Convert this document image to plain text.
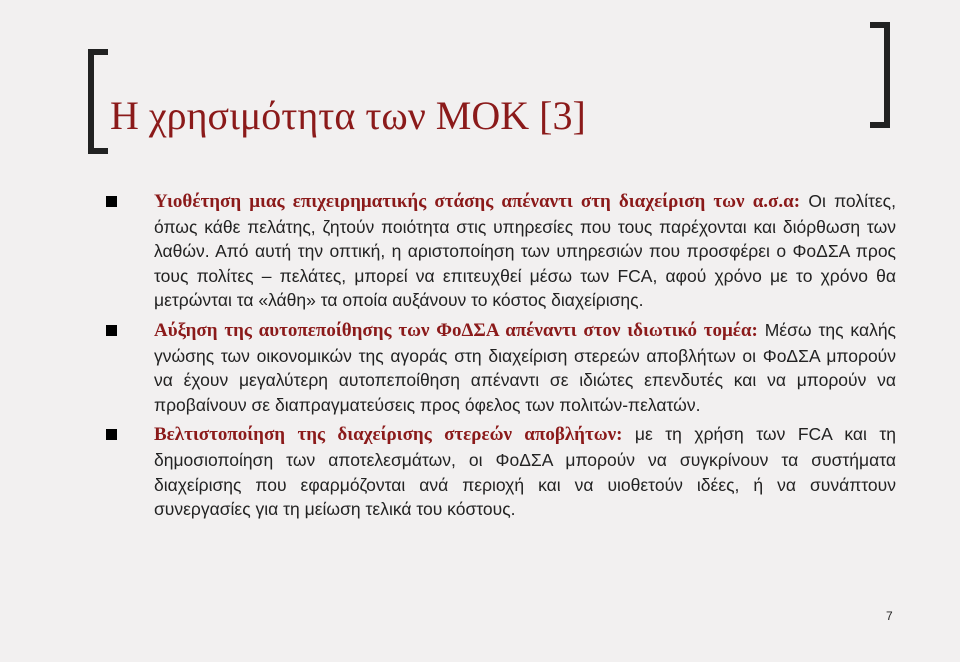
Η χρησιμότητα των ΜΟΚ [3]

Υιοθέτηση μιας επιχειρηματικής στάσης απέναντι στη διαχείριση των α.σ.α: Οι πολίτες, όπως κάθε πελάτης, ζητούν ποιότητα στις υπηρεσίες που τους παρέχονται και διόρθωση των λαθών. Από αυτή την οπτική, η αριστοποίηση των υπηρεσιών που προσφέρει ο ΦοΔΣΑ προς τους πολίτες – πελάτες, μπορεί να επιτευχθεί μέσω των FCA, αφού χρόνο με το χρόνο θα μετρώνται τα «λάθη» τα οποία αυξάνουν το κόστος διαχείρισης.

Αύξηση της αυτοπεποίθησης των ΦοΔΣΑ απέναντι στον ιδιωτικό τομέα: Μέσω της καλής γνώσης των οικονομικών της αγοράς στη διαχείριση στερεών αποβλήτων οι ΦοΔΣΑ μπορούν να έχουν μεγαλύτερη αυτοπεποίθηση απέναντι σε ιδιώτες επενδυτές και να μπορούν να προβαίνουν σε διαπραγματεύσεις προς όφελος των πολιτών-πελατών.

Βελτιστοποίηση της διαχείρισης στερεών αποβλήτων: με τη χρήση των FCA και τη δημοσιοποίηση των αποτελεσμάτων, οι ΦοΔΣΑ μπορούν να συγκρίνουν τα συστήματα διαχείρισης που εφαρμόζονται ανά περιοχή και να υιοθετούν ιδέες, ή να συνάπτουν συνεργασίες για τη μείωση τελικά του κόστους.

7
